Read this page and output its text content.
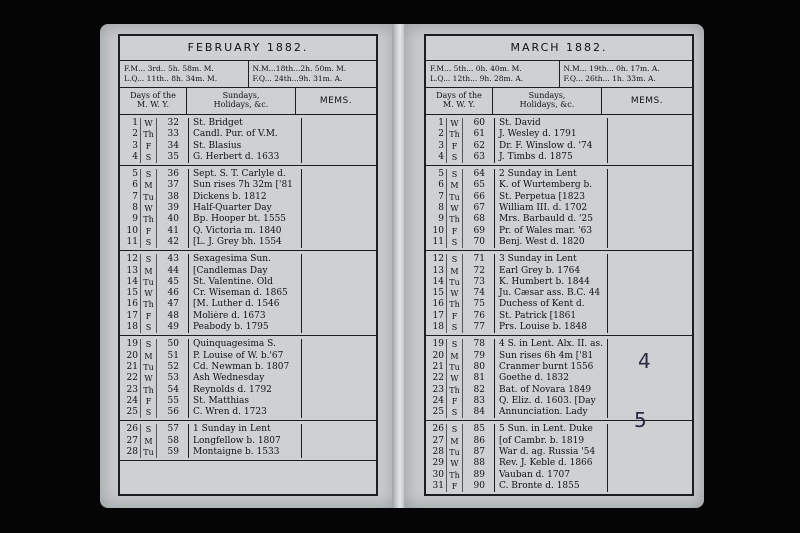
FEBRUARY 1882.
F.M... 3rd.. 5h. 58m. M.
L.Q... 11th.. 8h. 34m. M.
N.M...18th...2h. 50m. M.
F.Q... 24th...9h. 31m. A.
Days of the
M. W. Y.
Sundays,
Holidays, &c.	MEMS.
1 W	32	St. Bridget
2 Th	33	Candl. Pur. of V.M.
3 F	34	St. Blasius
4 S	35	G. Herbert d. 1633
5 S	36	Sept. S. T. Carlyle d.
6 M	37	Sun rises 7h 32m ['81
7 Tu	38	Dickens b. 1812
8 W	39	Half-Quarter Day
9 Th	40	Bp. Hooper bt. 1555
10 F	41	Q. Victoria m. 1840
11 S	42	[L. J. Grey bh. 1554
12 S	43	Sexagesima Sun.
13 M	44	[Candlemas Day
14 Tu	45	St. Valentine. Old
15 W	46	Cr. Wiseman d. 1865
16 Th	47	[M. Luther d. 1546
17 F	48	Molière d. 1673
18 S	49	Peabody b. 1795
19 S	50	Quinquagesima S.
20 M	51	P. Louise of W. b.'67
21 Tu	52	Cd. Newman b. 1807
22 W	53	Ash Wednesday
23 Th	54	Reynolds d. 1792
24 F	55	St. Matthias
25 S	56	C. Wren d. 1723
26 S	57	1 Sunday in Lent
27 M	58	Longfellow b. 1807
28 Tu	59	Montaigne b. 1533
MARCH 1882.
F.M... 5th... 0h. 40m. M.
L.Q... 12th... 9h. 28m. A.
N.M... 19th... 0h. 17m. A.
F.Q... 26th... 1h. 33m. A.
Days of the
M. W. Y.
Sundays,
Holidays, &c.	MEMS.
1 W	60	St. David
2 Th	61	J. Wesley d. 1791
3 F	62	Dr. F. Winslow d. '74
4 S	63	J. Timbs d. 1875
5 S	64	2 Sunday in Lent
6 M	65	K. of Wurtemberg b.
7 Tu	66	St. Perpetua [1823
8 W	67	William III. d. 1702
9 Th	68	Mrs. Barbauld d. '25
10 F	69	Pr. of Wales mar. '63
11 S	70	Benj. West d. 1820
12 S	71	3 Sunday in Lent
13 M	72	Earl Grey b. 1764
14 Tu	73	K. Humbert b. 1844
15 W	74	Ju. Cæsar ass. B.C. 44
16 Th	75	Duchess of Kent d.
17 F	76	St. Patrick [1861
18 S	77	Prs. Louise b. 1848
19 S	78	4 S. in Lent. Alx. II. as.
20 M	79	Sun rises 6h 4m ['81
21 Tu	80	Cranmer burnt 1556
22 W	81	Goethe d. 1832
23 Th	82	Bat. of Novara 1849
24 F	83	Q. Eliz. d. 1603. [Day
25 S	84	Annunciation. Lady
26 S	85	5 Sun. in Lent. Duke
27 M	86	[of Cambr. b. 1819
28 Tu	87	War d. ag. Russia '54
29 W	88	Rev. J. Keble d. 1866
30 Th	89	Vauban d. 1707
31 F	90	C. Bronte d. 1855
4
5
